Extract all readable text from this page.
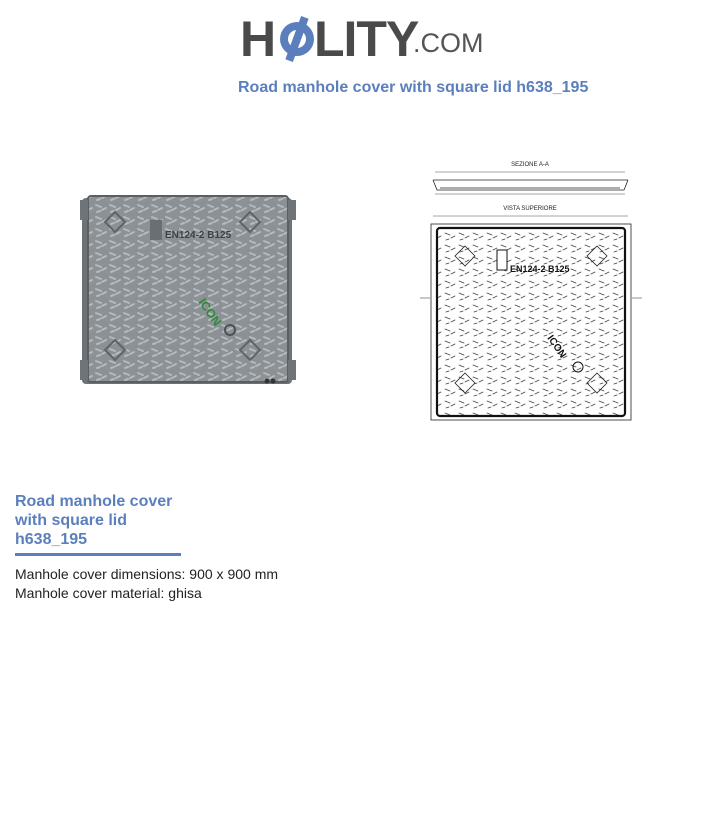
H LITY
.COM
Road manhole cover with square lid h638_195
EN124-2 B125
ICON
SEZIONE A-A
VISTA SUPERIORE
EN124-2 B125
ICON
Road manhole cover
with square lid
h638_195
Manhole cover dimensions: 900 x 900 mm
Manhole cover material: ghisa
